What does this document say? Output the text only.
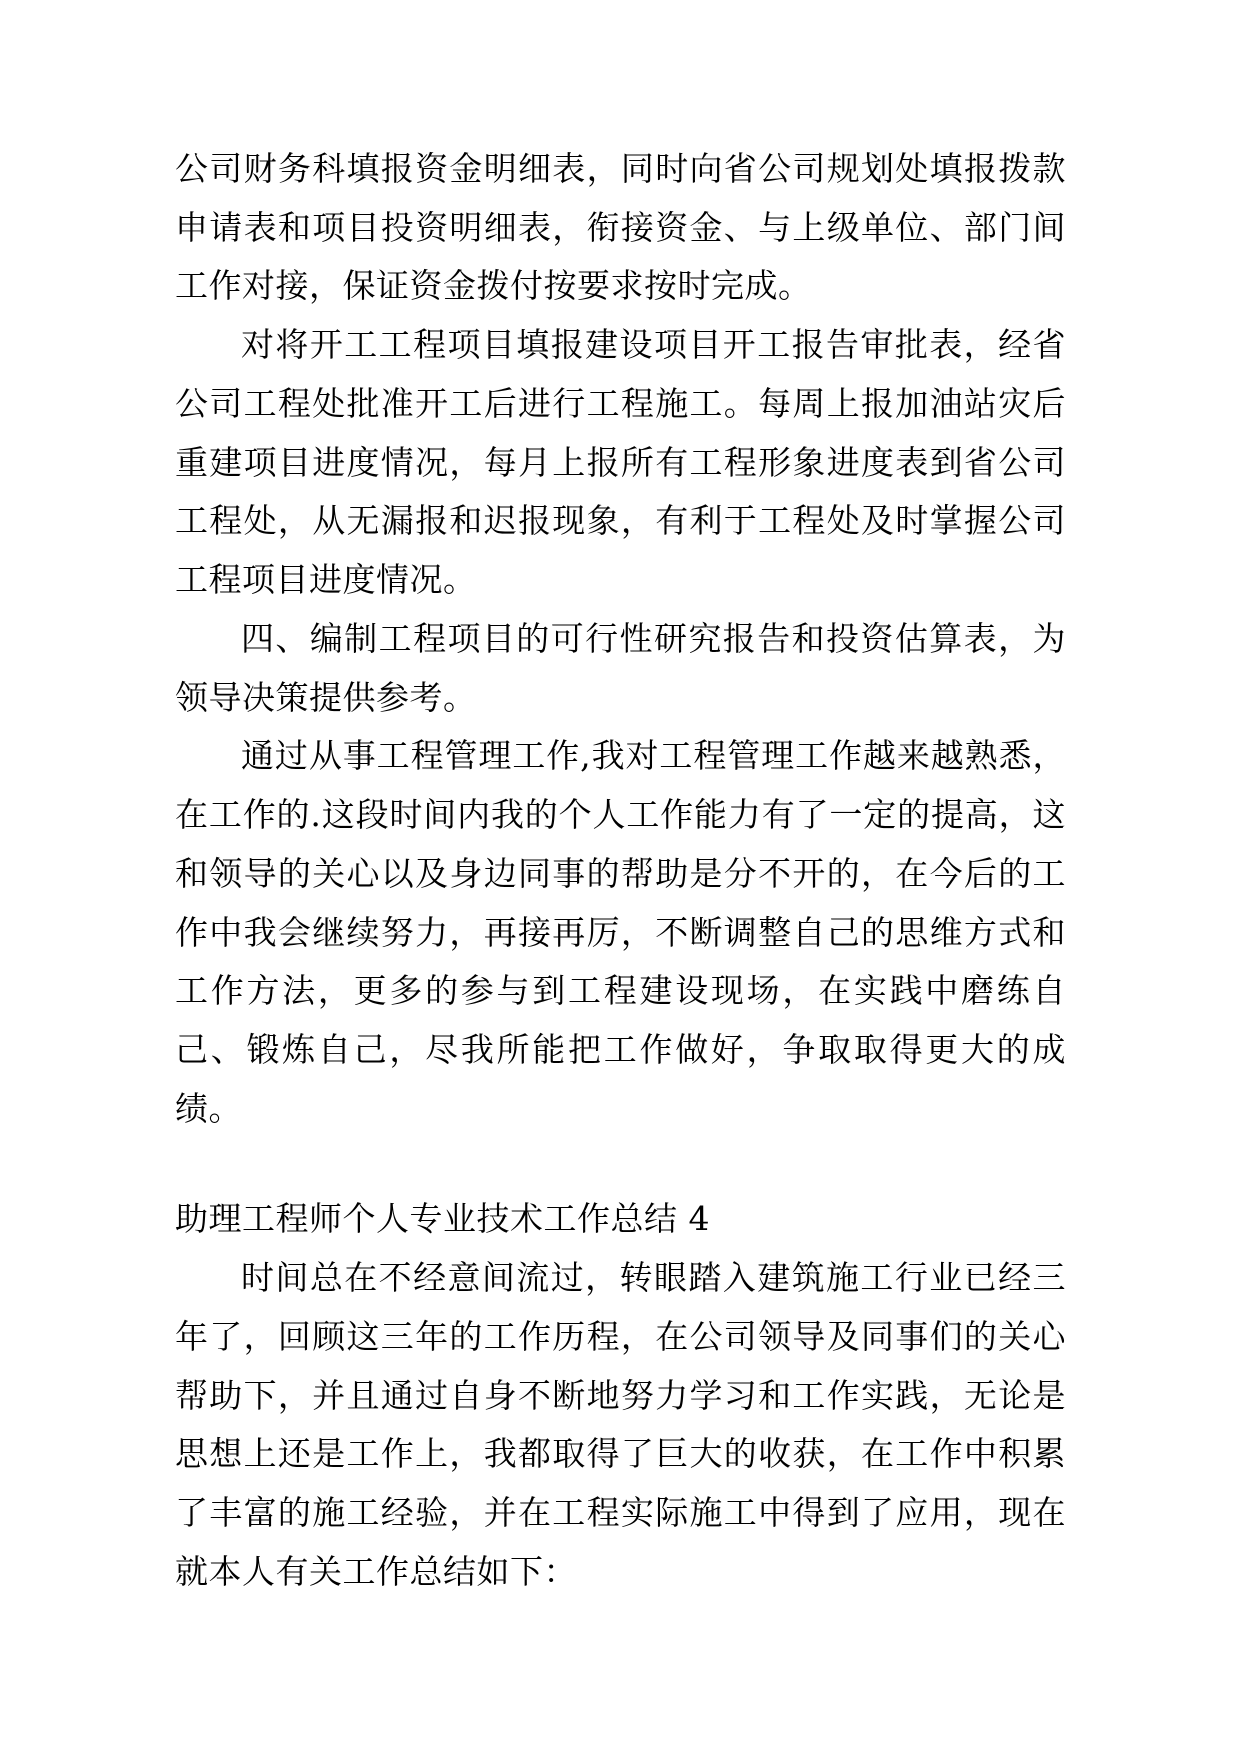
公司财务科填报资金明细表，同时向省公司规划处填报拨款申请表和项目投资明细表，衔接资金、与上级单位、部门间工作对接，保证资金拨付按要求按时完成。

对将开工工程项目填报建设项目开工报告审批表，经省公司工程处批准开工后进行工程施工。每周上报加油站灾后重建项目进度情况，每月上报所有工程形象进度表到省公司工程处，从无漏报和迟报现象，有利于工程处及时掌握公司工程项目进度情况。

四、编制工程项目的可行性研究报告和投资估算表，为领导决策提供参考。

通过从事工程管理工作,我对工程管理工作越来越熟悉，在工作的.这段时间内我的个人工作能力有了一定的提高，这和领导的关心以及身边同事的帮助是分不开的，在今后的工作中我会继续努力，再接再厉，不断调整自己的思维方式和工作方法，更多的参与到工程建设现场，在实践中磨练自己、锻炼自己，尽我所能把工作做好，争取取得更大的成绩。

助理工程师个人专业技术工作总结 4

时间总在不经意间流过，转眼踏入建筑施工行业已经三年了，回顾这三年的工作历程，在公司领导及同事们的关心帮助下，并且通过自身不断地努力学习和工作实践，无论是思想上还是工作上，我都取得了巨大的收获，在工作中积累了丰富的施工经验，并在工程实际施工中得到了应用，现在就本人有关工作总结如下：
